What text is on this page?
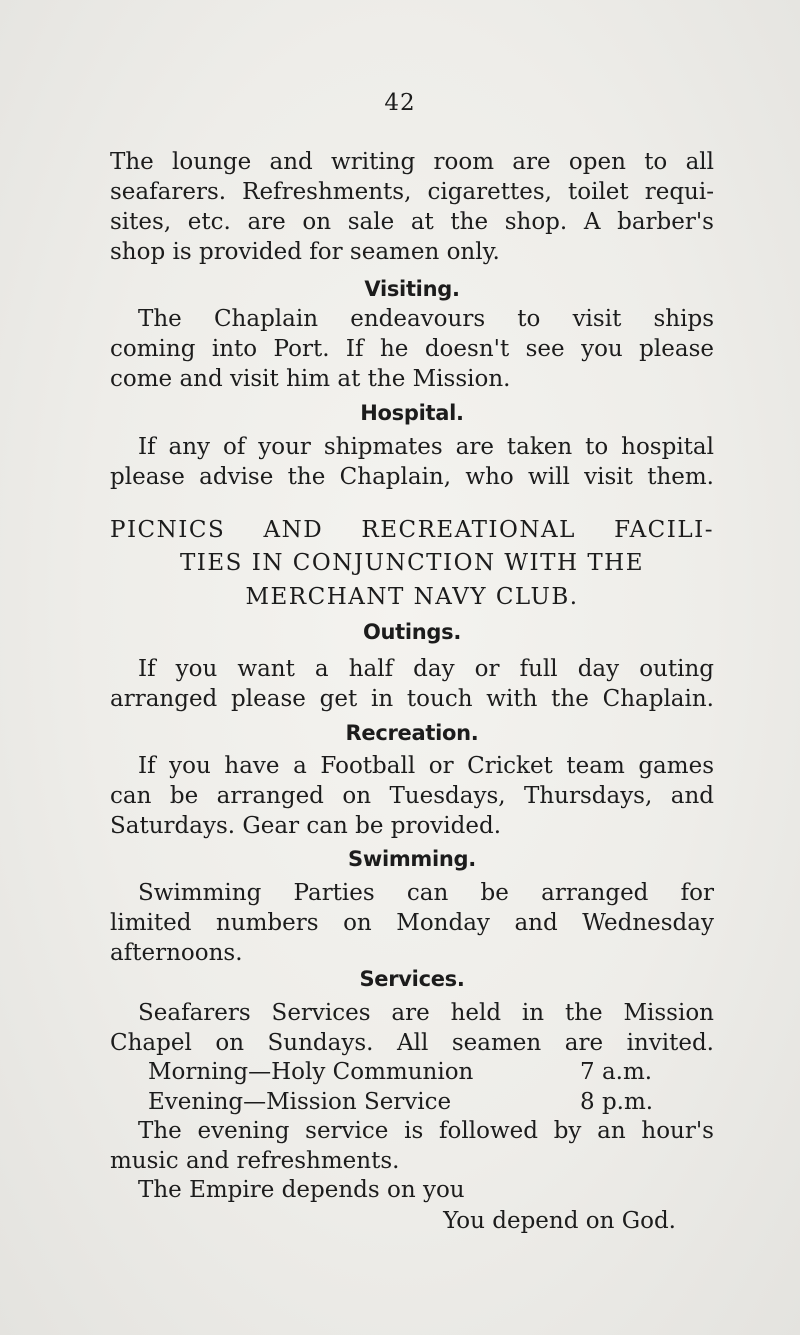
42
The lounge and writing room are open to all
seafarers. Refreshments, cigarettes, toilet requi-
sites, etc. are on sale at the shop. A barber's
shop is provided for seamen only.
Visiting.
The Chaplain endeavours to visit ships
coming into Port. If he doesn't see you please
come and visit him at the Mission.
Hospital.
If any of your shipmates are taken to hospital
please advise the Chaplain, who will visit them.
PICNICS AND RECREATIONAL FACILI-
TIES IN CONJUNCTION WITH THE
MERCHANT NAVY CLUB.
Outings.
If you want a half day or full day outing
arranged please get in touch with the Chaplain.
Recreation.
If you have a Football or Cricket team games
can be arranged on Tuesdays, Thursdays, and
Saturdays. Gear can be provided.
Swimming.
Swimming Parties can be arranged for
limited numbers on Monday and Wednesday
afternoons.
Services.
Seafarers Services are held in the Mission
Chapel on Sundays. All seamen are invited.
Morning—Holy Communion	7 a.m.
Evening—Mission Service	8 p.m.
The evening service is followed by an hour's
music and refreshments.
The Empire depends on you
You depend on God.
